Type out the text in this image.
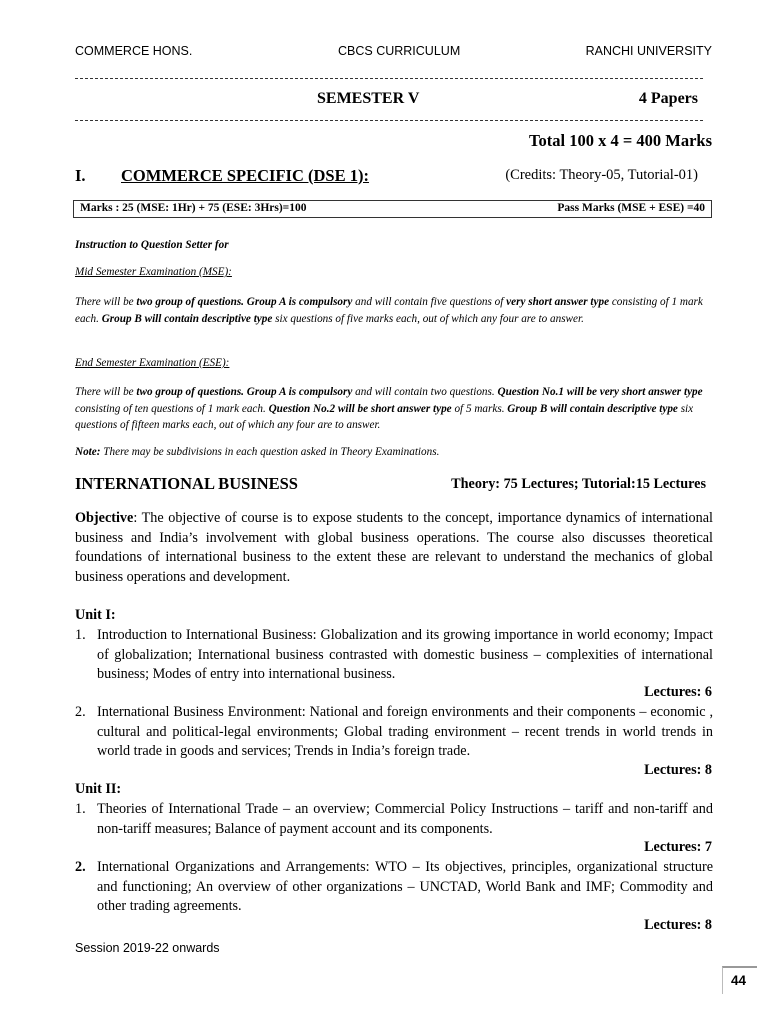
COMMERCE HONS.	CBCS CURRICULUM	RANCHI UNIVERSITY
SEMESTER V	4 Papers
Total 100 x 4 = 400 Marks
I. COMMERCE SPECIFIC (DSE 1):	(Credits: Theory-05, Tutorial-01)
Marks : 25 (MSE: 1Hr) + 75 (ESE: 3Hrs)=100	Pass Marks (MSE + ESE) =40
Instruction to Question Setter for
Mid Semester Examination (MSE):
There will be two group of questions. Group A is compulsory and will contain five questions of very short answer type consisting of 1 mark each. Group B will contain descriptive type six questions of five marks each, out of which any four are to answer.
End Semester Examination (ESE):
There will be two group of questions. Group A is compulsory and will contain two questions. Question No.1 will be very short answer type consisting of ten questions of 1 mark each. Question No.2 will be short answer type of 5 marks. Group B will contain descriptive type six questions of fifteen marks each, out of which any four are to answer.
Note: There may be subdivisions in each question asked in Theory Examinations.
INTERNATIONAL BUSINESS	Theory: 75 Lectures; Tutorial:15 Lectures
Objective: The objective of course is to expose students to the concept, importance dynamics of international business and India’s involvement with global business operations. The course also discusses theoretical foundations of international business to the extent these are relevant to understand the mechanics of global business operations and development.
Unit I:
1. Introduction to International Business: Globalization and its growing importance in world economy; Impact of globalization; International business contrasted with domestic business – complexities of international business; Modes of entry into international business.
Lectures: 6
2. International Business Environment: National and foreign environments and their components – economic , cultural and political-legal environments; Global trading environment – recent trends in world trends in world trade in goods and services; Trends in India’s foreign trade.
Lectures: 8
Unit II:
1. Theories of International Trade – an overview; Commercial Policy Instructions – tariff and non-tariff and non-tariff measures; Balance of payment account and its components.
Lectures: 7
2. International Organizations and Arrangements: WTO – Its objectives, principles, organizational structure and functioning; An overview of other organizations – UNCTAD, World Bank and IMF; Commodity and other trading agreements.
Lectures: 8
Session 2019-22 onwards
44
